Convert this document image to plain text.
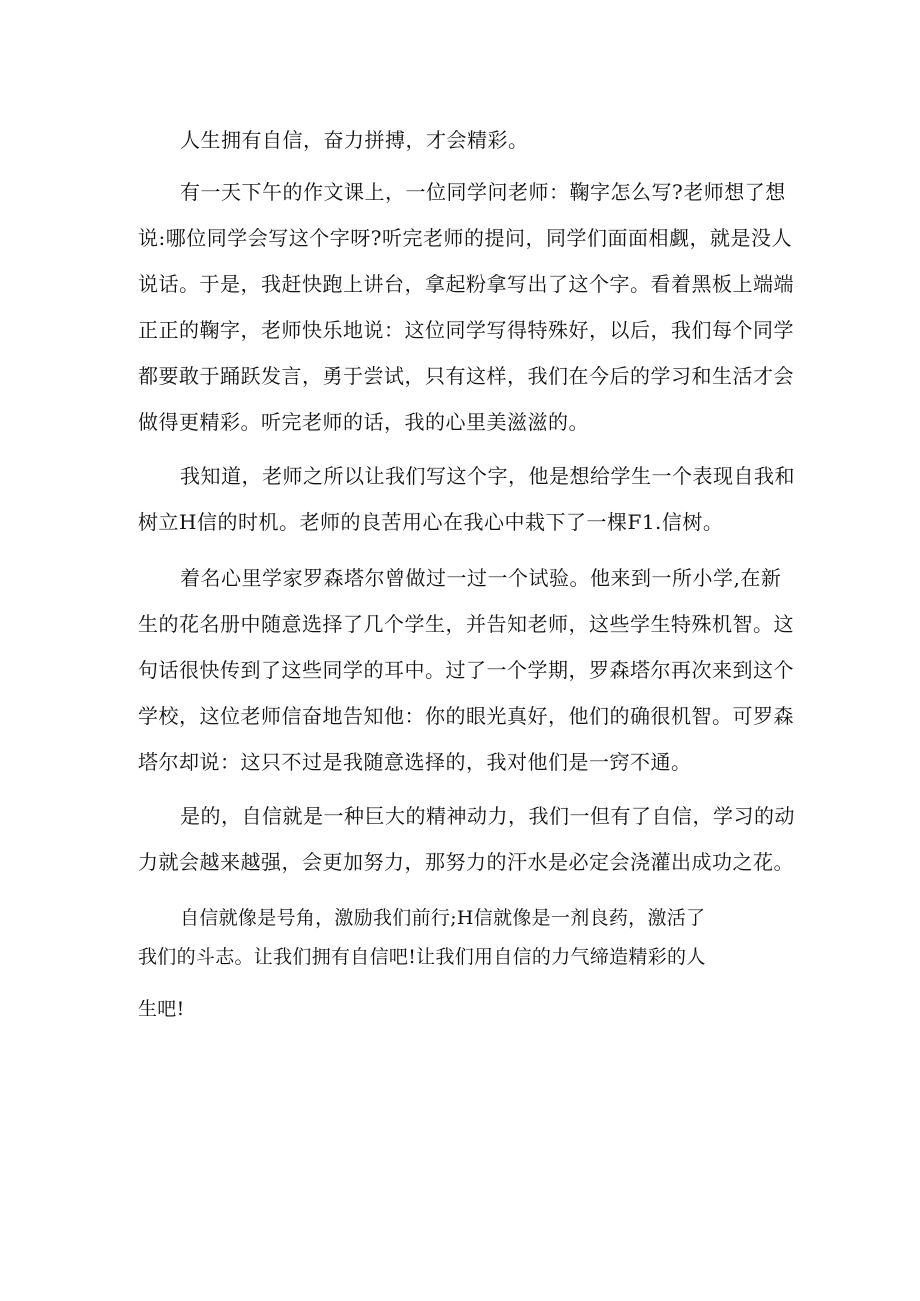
人生拥有自信，奋力拼搏，才会精彩。
有一天下午的作文课上，一位同学问老师：鞠字怎么写?老师想了想
说:哪位同学会写这个字呀?听完老师的提问，同学们面面相觑，就是没人
说话。于是，我赶快跑上讲台，拿起粉拿写出了这个字。看着黑板上端端
正正的鞠字，老师快乐地说：这位同学写得特殊好，以后，我们每个同学
都要敢于踊跃发言，勇于尝试，只有这样，我们在今后的学习和生活才会
做得更精彩。听完老师的话，我的心里美滋滋的。
我知道，老师之所以让我们写这个字，他是想给学生一个表现自我和
树立H信的时机。老师的良苦用心在我心中栽下了一棵F1.信树。
着名心里学家罗森塔尔曾做过一过一个试验。他来到一所小学,在新
生的花名册中随意选择了几个学生，并告知老师，这些学生特殊机智。这
句话很快传到了这些同学的耳中。过了一个学期，罗森塔尔再次来到这个
学校，这位老师信奋地告知他：你的眼光真好，他们的确很机智。可罗森
塔尔却说：这只不过是我随意选择的，我对他们是一窍不通。
是的，自信就是一种巨大的精神动力，我们一但有了自信，学习的动
力就会越来越强，会更加努力，那努力的汗水是必定会浇灌出成功之花。
自信就像是号角，激励我们前行;H信就像是一剂良药，激活了
我们的斗志。让我们拥有自信吧!让我们用自信的力气缔造精彩的人
生吧!
